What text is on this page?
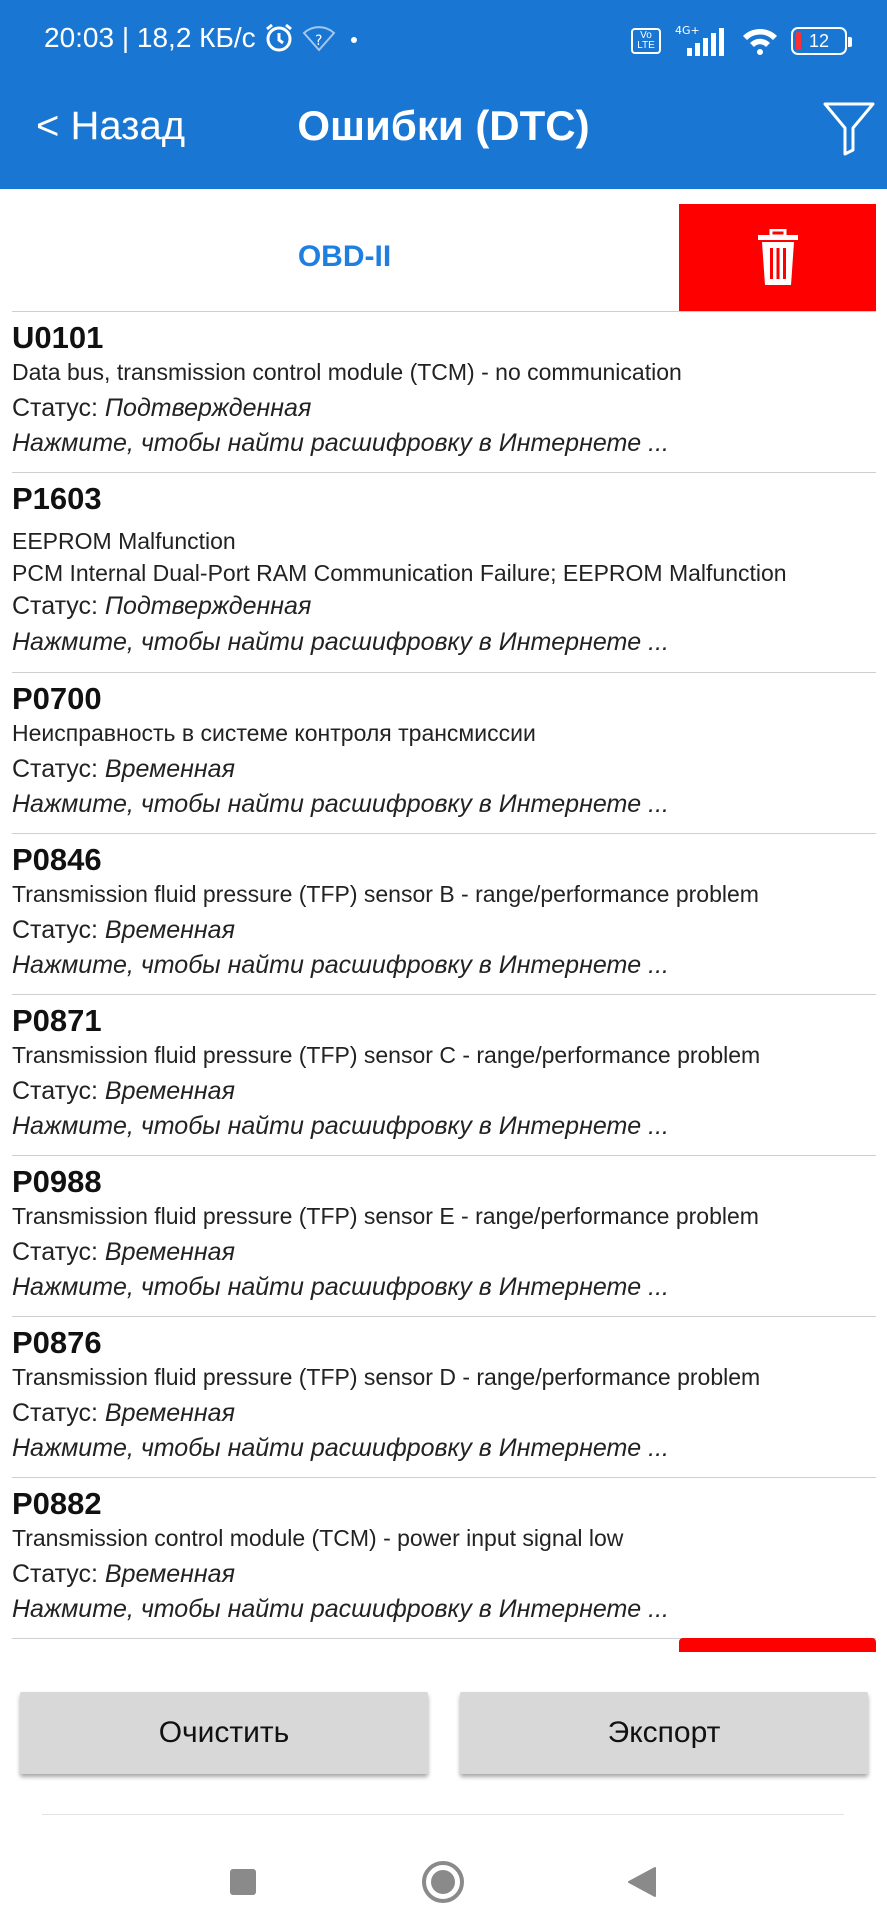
20:03 | 18,2 КБ/с	?	Vo LTE
4G+	12
< Назад	Ошибки (DTC)
OBD-II
U0101
Data bus, transmission control module (TCM) - no communication
Статус: Подтвержденная
Нажмите, чтобы найти расшифровку в Интернете ...
P1603
EEPROM Malfunction
PCM Internal Dual-Port RAM Communication Failure; EEPROM Malfunction
Статус: Подтвержденная
Нажмите, чтобы найти расшифровку в Интернете ...
P0700
Неисправность в системе контроля трансмиссии
Статус: Временная
Нажмите, чтобы найти расшифровку в Интернете ...
P0846
Transmission fluid pressure (TFP) sensor B - range/performance problem
Статус: Временная
Нажмите, чтобы найти расшифровку в Интернете ...
P0871
Transmission fluid pressure (TFP) sensor C - range/performance problem
Статус: Временная
Нажмите, чтобы найти расшифровку в Интернете ...
P0988
Transmission fluid pressure (TFP) sensor E - range/performance problem
Статус: Временная
Нажмите, чтобы найти расшифровку в Интернете ...
P0876
Transmission fluid pressure (TFP) sensor D - range/performance problem
Статус: Временная
Нажмите, чтобы найти расшифровку в Интернете ...
P0882
Transmission control module (TCM) - power input signal low
Статус: Временная
Нажмите, чтобы найти расшифровку в Интернете ...
Очистить	Экспорт
